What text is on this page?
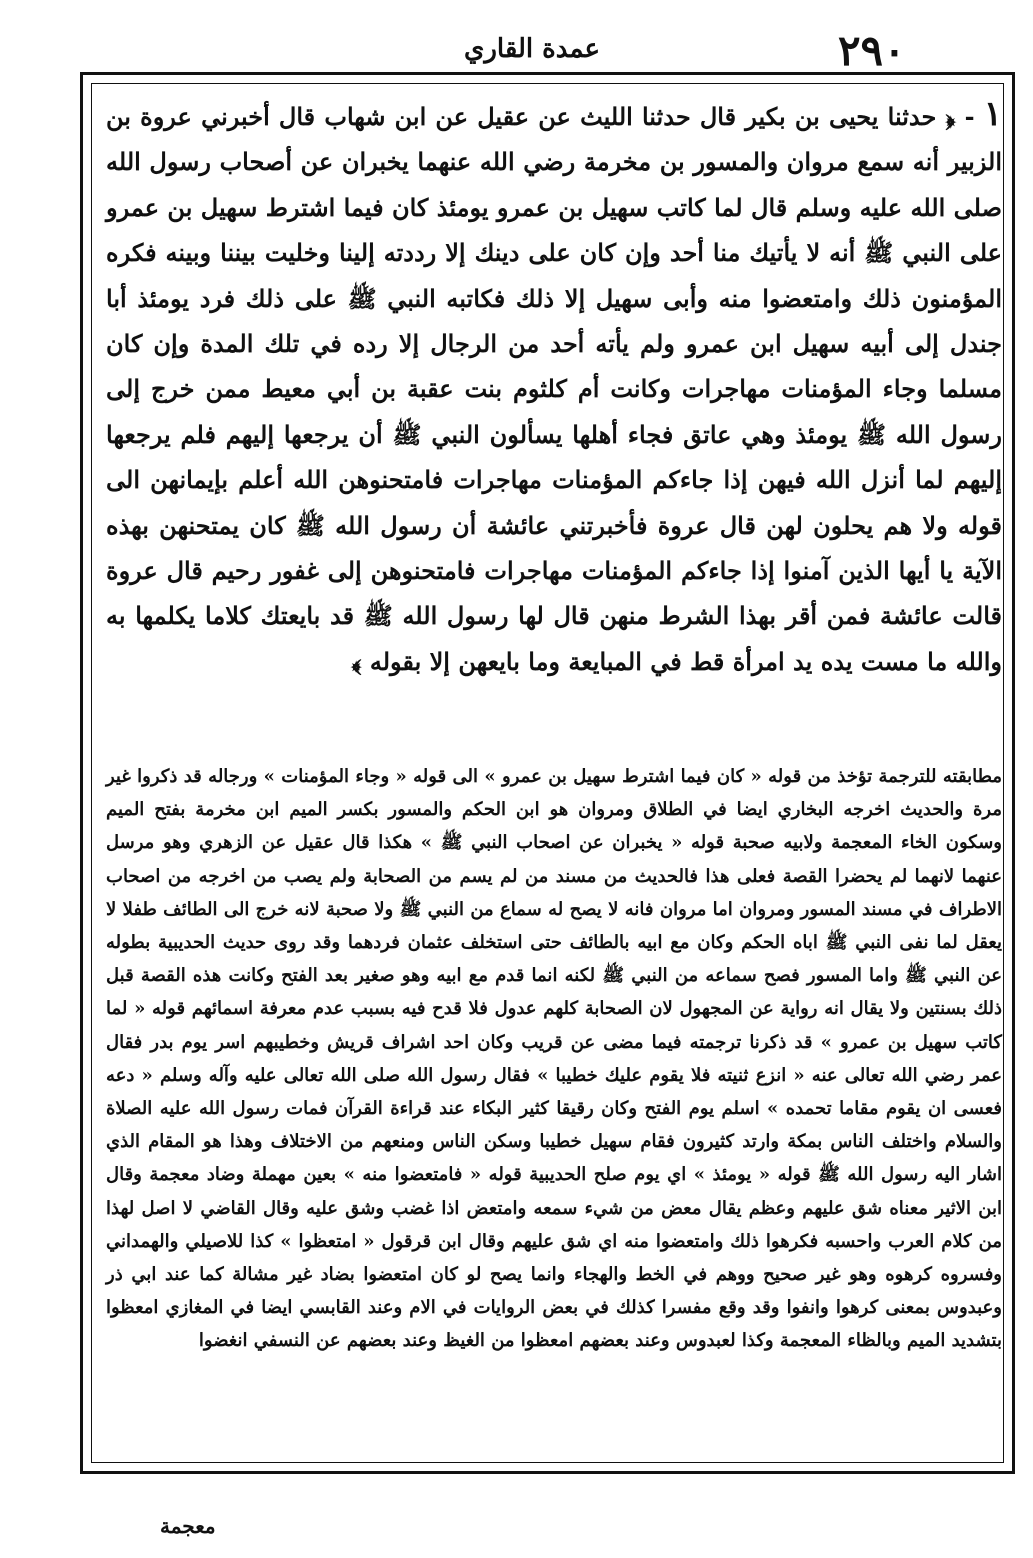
٢٩٠
عمدة القاري
١ - ﴿ حدثنا يحيى بن بكير قال حدثنا الليث عن عقيل عن ابن شهاب قال أخبرني عروة بن الزبير أنه سمع مروان والمسور بن مخرمة رضي الله عنهما يخبران عن أصحاب رسول الله صلى الله عليه وسلم قال لما كاتب سهيل بن عمرو يومئذ كان فيما اشترط سهيل بن عمرو على النبي ﷺ أنه لا يأتيك منا أحد وإن كان على دينك إلا رددته إلينا وخليت بيننا وبينه فكره المؤمنون ذلك وامتعضوا منه وأبى سهيل إلا ذلك فكاتبه النبي ﷺ على ذلك فرد يومئذ أبا جندل إلى أبيه سهيل ابن عمرو ولم يأته أحد من الرجال إلا رده في تلك المدة وإن كان مسلما وجاء المؤمنات مهاجرات وكانت أم كلثوم بنت عقبة بن أبي معيط ممن خرج إلى رسول الله ﷺ يومئذ وهي عاتق فجاء أهلها يسألون النبي ﷺ أن يرجعها إليهم فلم يرجعها إليهم لما أنزل الله فيهن إذا جاءكم المؤمنات مهاجرات فامتحنوهن الله أعلم بإيمانهن الى قوله ولا هم يحلون لهن قال عروة فأخبرتني عائشة أن رسول الله ﷺ كان يمتحنهن بهذه الآية يا أيها الذين آمنوا إذا جاءكم المؤمنات مهاجرات فامتحنوهن إلى غفور رحيم قال عروة قالت عائشة فمن أقر بهذا الشرط منهن قال لها رسول الله ﷺ قد بايعتك كلاما يكلمها به والله ما مست يده يد امرأة قط في المبايعة وما بايعهن إلا بقوله ﴾
مطابقته للترجمة تؤخذ من قوله « كان فيما اشترط سهيل بن عمرو » الى قوله « وجاء المؤمنات » ورجاله قد ذكروا غير مرة والحديث اخرجه البخاري ايضا في الطلاق ومروان هو ابن الحكم والمسور بكسر الميم ابن مخرمة بفتح الميم وسكون الخاء المعجمة ولابيه صحبة قوله « يخبران عن اصحاب النبي ﷺ » هكذا قال عقيل عن الزهري وهو مرسل عنهما لانهما لم يحضرا القصة فعلى هذا فالحديث من مسند من لم يسم من الصحابة ولم يصب من اخرجه من اصحاب الاطراف في مسند المسور ومروان اما مروان فانه لا يصح له سماع من النبي ﷺ ولا صحبة لانه خرج الى الطائف طفلا لا يعقل لما نفى النبي ﷺ اباه الحكم وكان مع ابيه بالطائف حتى استخلف عثمان فردهما وقد روى حديث الحديبية بطوله عن النبي ﷺ واما المسور فصح سماعه من النبي ﷺ لكنه انما قدم مع ابيه وهو صغير بعد الفتح وكانت هذه القصة قبل ذلك بسنتين ولا يقال انه رواية عن المجهول لان الصحابة كلهم عدول فلا قدح فيه بسبب عدم معرفة اسمائهم قوله « لما كاتب سهيل بن عمرو » قد ذكرنا ترجمته فيما مضى عن قريب وكان احد اشراف قريش وخطيبهم اسر يوم بدر فقال عمر رضي الله تعالى عنه « انزع ثنيته فلا يقوم عليك خطيبا » فقال رسول الله صلى الله تعالى عليه وآله وسلم « دعه فعسى ان يقوم مقاما تحمده » اسلم يوم الفتح وكان رقيقا كثير البكاء عند قراءة القرآن فمات رسول الله عليه الصلاة والسلام واختلف الناس بمكة وارتد كثيرون فقام سهيل خطيبا وسكن الناس ومنعهم من الاختلاف وهذا هو المقام الذي اشار اليه رسول الله ﷺ قوله « يومئذ » اي يوم صلح الحديبية قوله « فامتعضوا منه » بعين مهملة وضاد معجمة وقال ابن الاثير معناه شق عليهم وعظم يقال معض من شيء سمعه وامتعض اذا غضب وشق عليه وقال القاضي لا اصل لهذا من كلام العرب واحسبه فكرهوا ذلك وامتعضوا منه اي شق عليهم وقال ابن قرقول « امتعظوا » كذا للاصيلي والهمداني وفسروه كرهوه وهو غير صحيح ووهم في الخط والهجاء وانما يصح لو كان امتعضوا بضاد غير مشالة كما عند ابي ذر وعبدوس بمعنى كرهوا وانفوا وقد وقع مفسرا كذلك في بعض الروايات في الام وعند القابسي ايضا في المغازي امعظوا بتشديد الميم وبالظاء المعجمة وكذا لعبدوس وعند بعضهم امعظوا من الغيظ وعند بعضهم عن النسفي انغضوا
معجمة
